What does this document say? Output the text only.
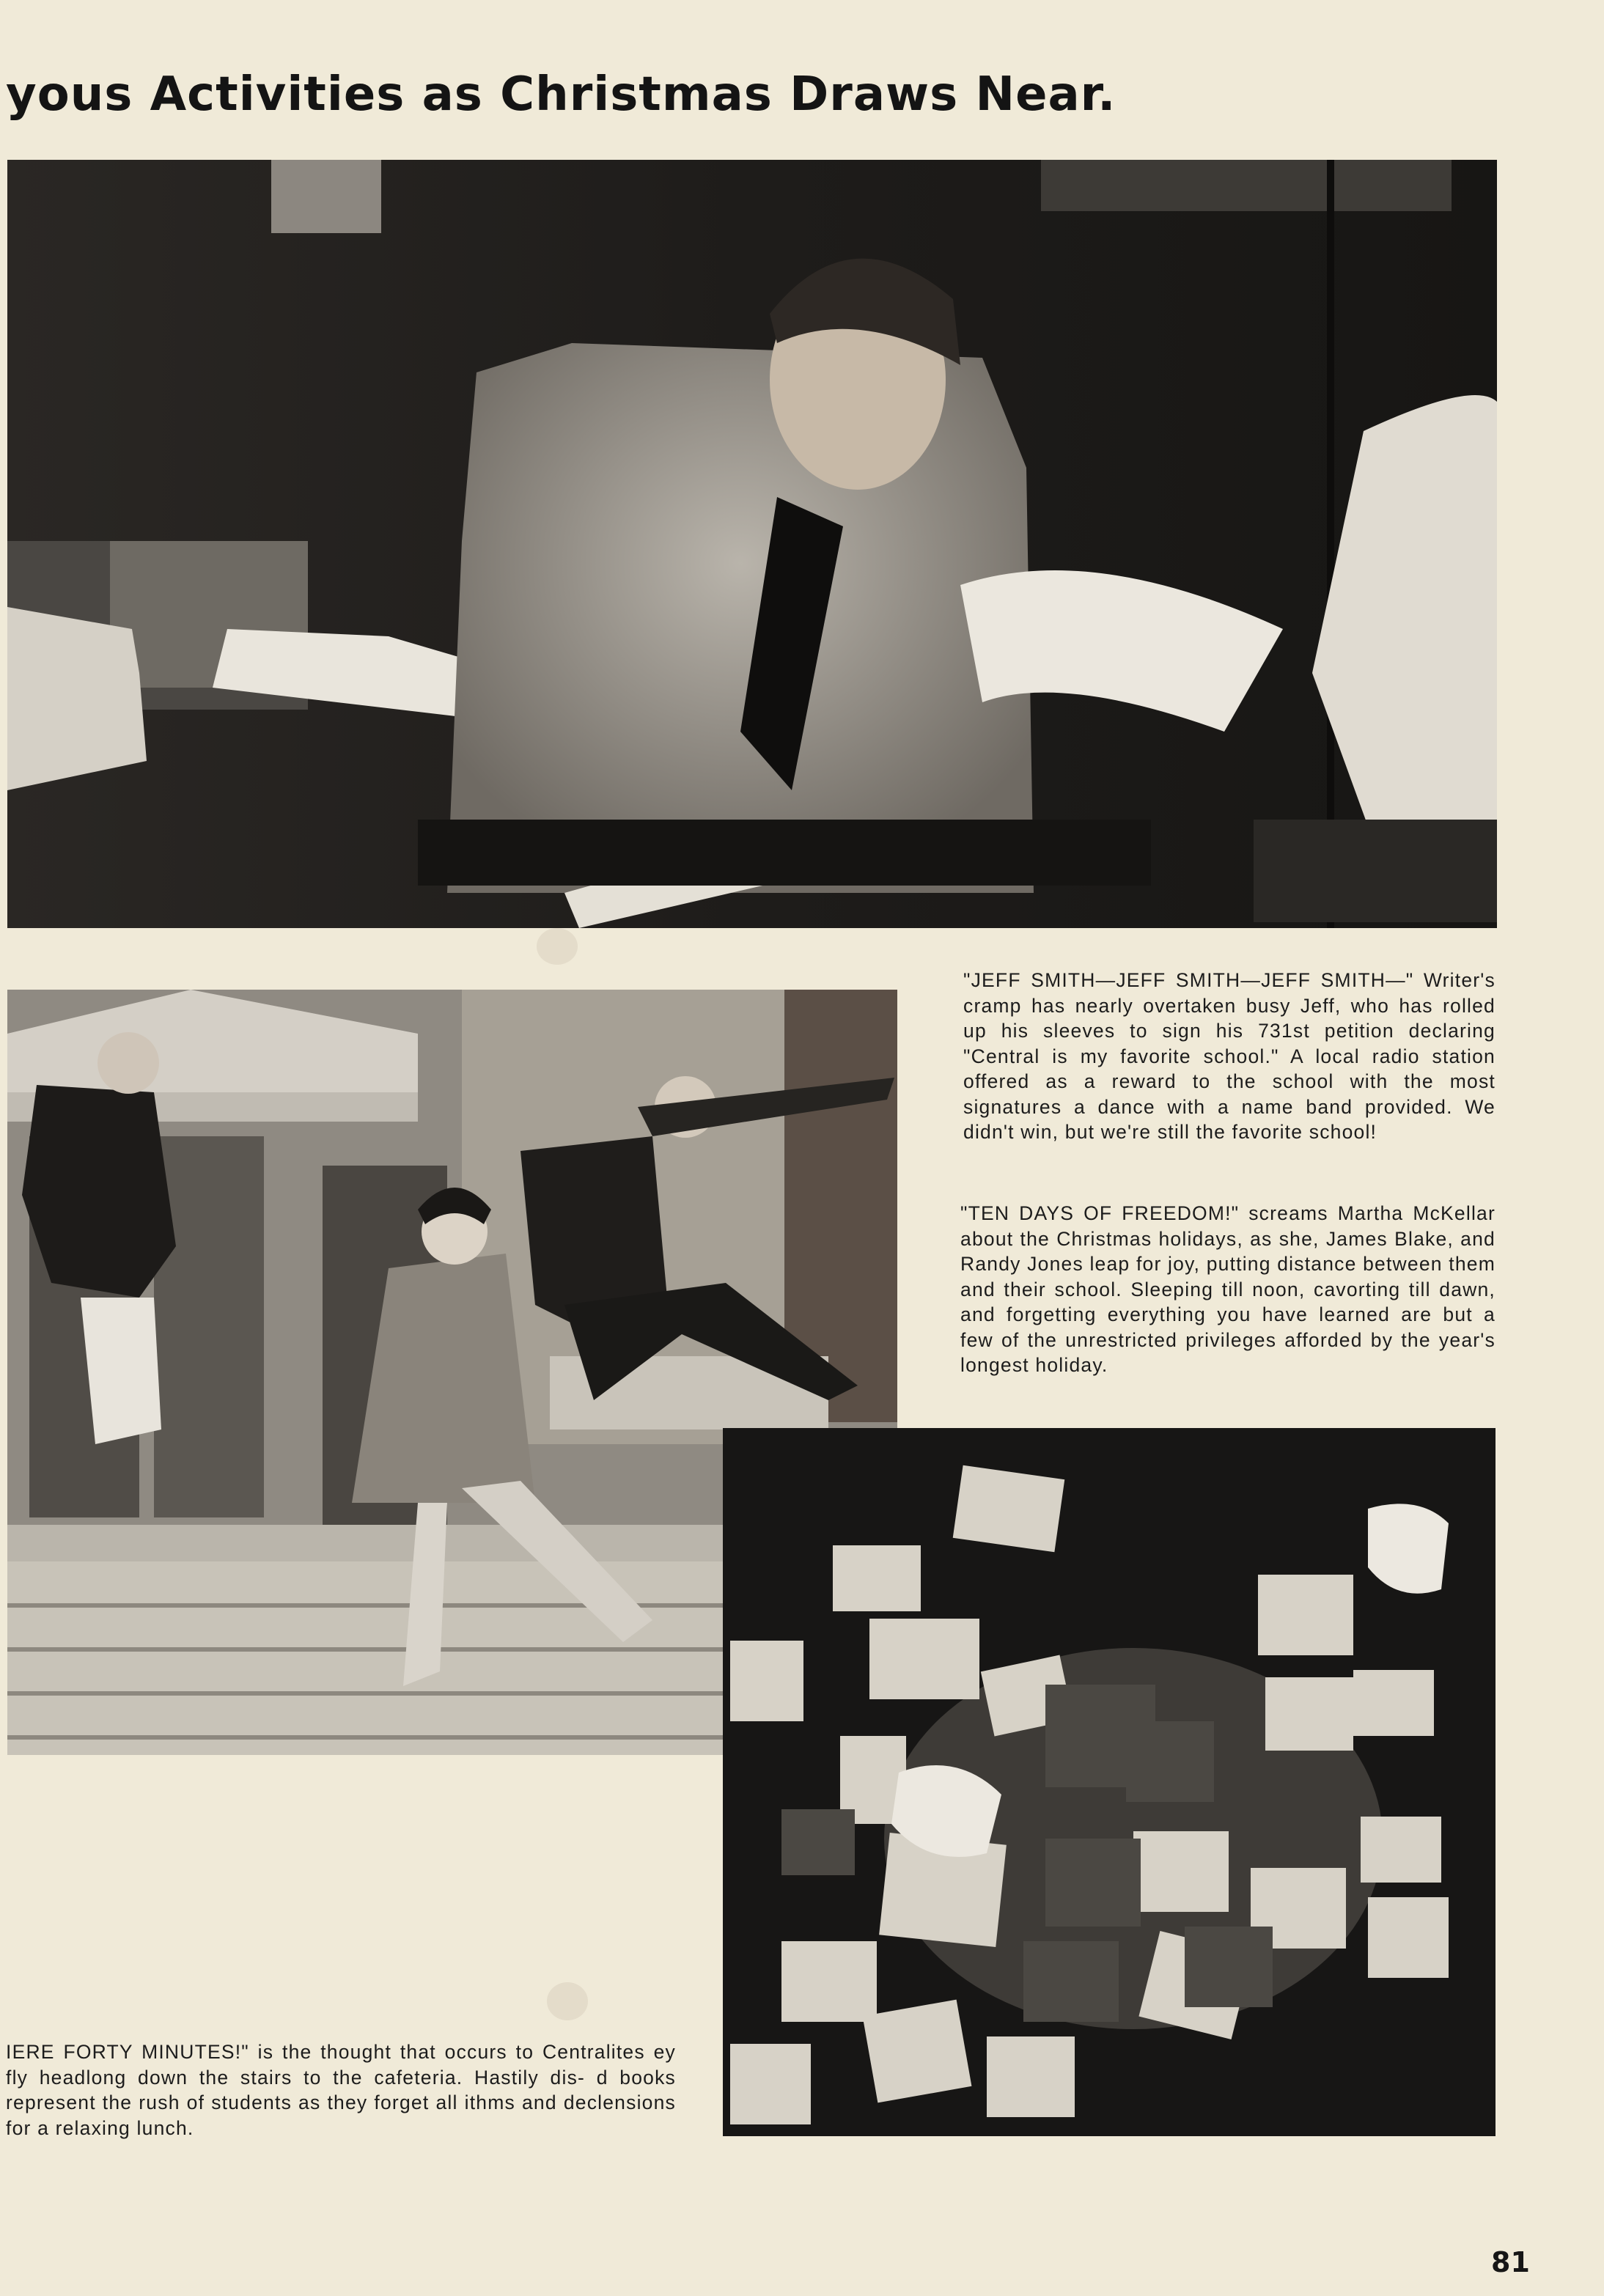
yous Activities as Christmas Draws Near.

"JEFF SMITH—JEFF SMITH—JEFF SMITH—" Writer's cramp has nearly overtaken busy Jeff, who has rolled up his sleeves to sign his 731st petition declaring "Central is my favorite school." A local radio station offered as a reward to the school with the most signatures a dance with a name band provided. We didn't win, but we're still the favorite school!

"TEN DAYS OF FREEDOM!" screams Martha McKellar about the Christmas holidays, as she, James Blake, and Randy Jones leap for joy, putting distance between them and their school. Sleeping till noon, cavorting till dawn, and forgetting everything you have learned are but a few of the unrestricted privileges afforded by the year's longest holiday.

IERE FORTY MINUTES!" is the thought that occurs to Centralites ey fly headlong down the stairs to the cafeteria. Hastily dis- d books represent the rush of students as they forget all ithms and declensions for a relaxing lunch.

81
